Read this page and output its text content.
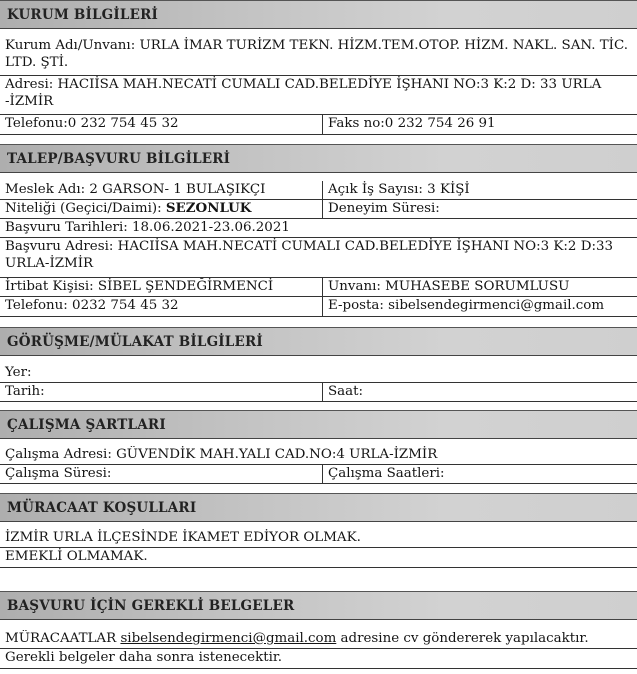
KURUM BİLGİLERİ
Kurum Adı/Unvanı: URLA İMAR TURİZM TEKN. HİZM.TEM.OTOP. HİZM. NAKL. SAN. TİC. LTD. ŞTİ.
Adresi: HACIİSA MAH.NECATİ CUMALI CAD.BELEDİYE İŞHANI NO:3 K:2 D: 33 URLA -İZMİR
Telefonu:0 232 754 45 32	Faks no:0 232 754 26 91
TALEP/BAŞVURU BİLGİLERİ
Meslek Adı: 2 GARSON- 1 BULAŞIKÇI	Açık İş Sayısı: 3 KİŞİ
Niteliği (Geçici/Daimi): SEZONLUK	Deneyim Süresi:
Başvuru Tarihleri: 18.06.2021-23.06.2021
Başvuru Adresi: HACIİSA MAH.NECATİ CUMALI CAD.BELEDİYE İŞHANI NO:3 K:2 D:33 URLA-İZMİR
İrtibat Kişisi: SİBEL ŞENDEĞİRMENCİ	Unvanı: MUHASEBE SORUMLUSU
Telefonu: 0232 754 45 32	E-posta: sibelsendegirmenci@gmail.com
GÖRÜŞME/MÜLAKAT BİLGİLERİ
Yer:
Tarih:	Saat:
ÇALIŞMA ŞARTLARI
Çalışma Adresi: GÜVENDİK MAH.YALI CAD.NO:4 URLA-İZMİR
Çalışma Süresi:	Çalışma Saatleri:
MÜRACAAT KOŞULLARI
İZMİR URLA İLÇESİNDE İKAMET EDİYOR OLMAK.
EMEKLİ OLMAMAK.
BAŞVURU İÇİN GEREKLİ BELGELER
MÜRACAATLAR sibelsendegirmenci@gmail.com adresine cv göndererek yapılacaktır.
Gerekli belgeler daha sonra istenecektir.
